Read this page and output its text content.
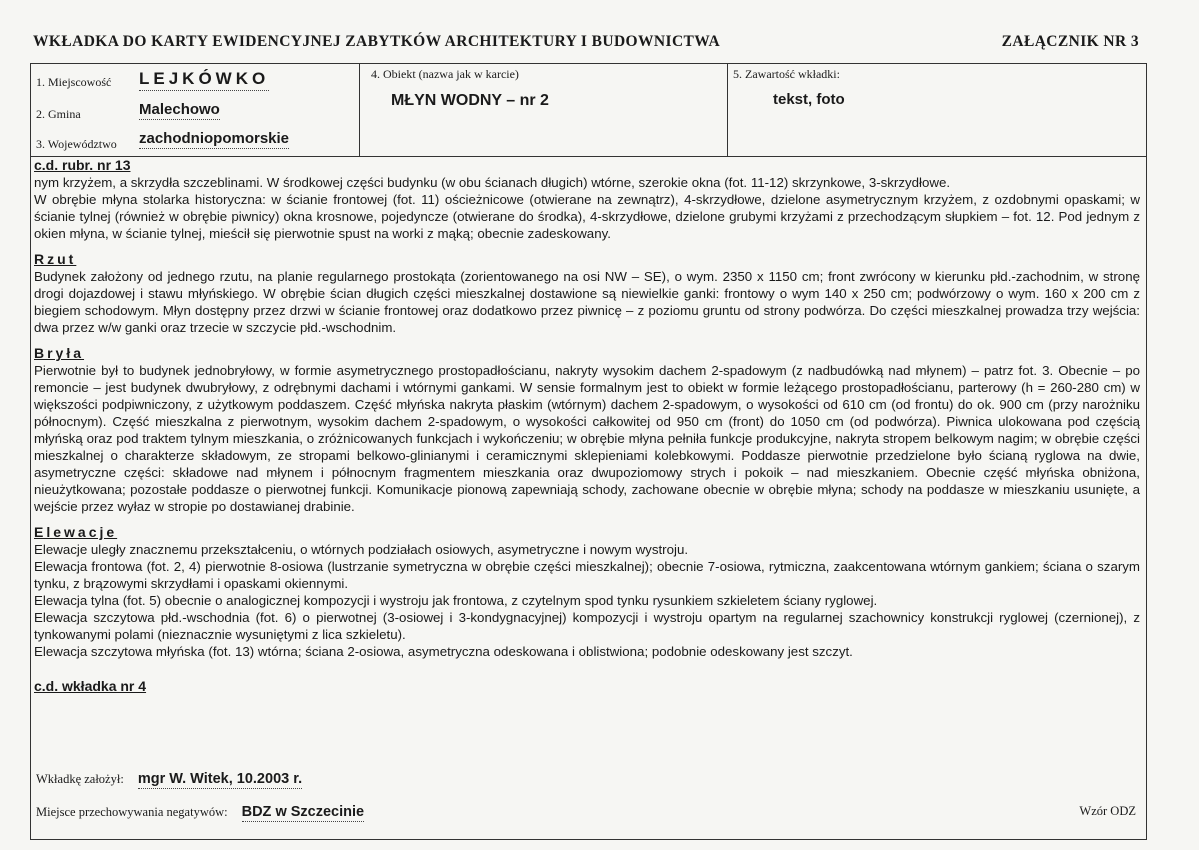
WKŁADKA DO KARTY EWIDENCYJNEJ ZABYTKÓW ARCHITEKTURY I BUDOWNICTWA	ZAŁĄCZNIK NR 3
1. Miejscowość LEJKÓWKO
2. Gmina	Malechowo
3. Województwo zachodniopomorskie
4. Obiekt (nazwa jak w karcie)
MŁYN WODNY – nr 2
5. Zawartość wkładki:
tekst, foto

c.d. rubr. nr 13

nym krzyżem, a skrzydła szczeblinami. W środkowej części budynku (w obu ścianach długich) wtórne, szerokie okna (fot. 11-12) skrzynkowe, 3-skrzydłowe.

W obrębie młyna stolarka historyczna: w ścianie frontowej (fot. 11) ościeżnicowe (otwierane na zewnątrz), 4-skrzydłowe, dzielone asymetrycznym krzyżem, z ozdobnymi opaskami; w ścianie tylnej (również w obrębie piwnicy) okna krosnowe, pojedyncze (otwierane do środka), 4-skrzydłowe, dzielone grubymi krzyżami z przechodzącym słupkiem – fot. 12. Pod jednym z okien młyna, w ścianie tylnej, mieścił się pierwotnie spust na worki z mąką; obecnie zadeskowany.

Rzut

Budynek założony od jednego rzutu, na planie regularnego prostokąta (zorientowanego na osi NW – SE), o wym. 2350 x 1150 cm; front zwrócony w kierunku płd.-zachodnim, w stronę drogi dojazdowej i stawu młyńskiego. W obrębie ścian długich części mieszkalnej dostawione są niewielkie ganki: frontowy o wym 140 x 250 cm; podwórzowy o wym. 160 x 200 cm z biegiem schodowym. Młyn dostępny przez drzwi w ścianie frontowej oraz dodatkowo przez piwnicę – z poziomu gruntu od strony podwórza. Do części mieszkalnej prowadza trzy wejścia: dwa przez w/w ganki oraz trzecie w szczycie płd.-wschodnim.

Bryła

Pierwotnie był to budynek jednobryłowy, w formie asymetrycznego prostopadłościanu, nakryty wysokim dachem 2-spadowym (z nadbudówką nad młynem) – patrz fot. 3. Obecnie – po remoncie – jest budynek dwubryłowy, z odrębnymi dachami i wtórnymi gankami. W sensie formalnym jest to obiekt w formie leżącego prostopadłościanu, parterowy (h = 260-280 cm) w większości podpiwniczony, z użytkowym poddaszem. Część młyńska nakryta płaskim (wtórnym) dachem 2-spadowym, o wysokości od 610 cm (od frontu) do ok. 900 cm (przy narożniku północnym). Część mieszkalna z pierwotnym, wysokim dachem 2-spadowym, o wysokości całkowitej od 950 cm (front) do 1050 cm (od podwórza). Piwnica ulokowana pod częścią młyńską oraz pod traktem tylnym mieszkania, o zróżnicowanych funkcjach i wykończeniu; w obrębie młyna pełniła funkcje produkcyjne, nakryta stropem belkowym nagim; w obrębie części mieszkalnej o charakterze składowym, ze stropami belkowo-glinianymi i ceramicznymi sklepieniami kolebkowymi. Poddasze pierwotnie przedzielone było ścianą ryglowa na dwie, asymetryczne części: składowe nad młynem i północnym fragmentem mieszkania oraz dwupoziomowy strych i pokoik – nad mieszkaniem. Obecnie część młyńska obniżona, nieużytkowana; pozostałe poddasze o pierwotnej funkcji. Komunikacje pionową zapewniają schody, zachowane obecnie w obrębie młyna; schody na poddasze w mieszkaniu usunięte, a wejście przez wyłaz w stropie po dostawianej drabinie.

Elewacje

Elewacje uległy znacznemu przekształceniu, o wtórnych podziałach osiowych, asymetryczne i nowym wystroju.

Elewacja frontowa (fot. 2, 4) pierwotnie 8-osiowa (lustrzanie symetryczna w obrębie części mieszkalnej); obecnie 7-osiowa, rytmiczna, zaakcentowana wtórnym gankiem; ściana o szarym tynku, z brązowymi skrzydłami i opaskami okiennymi.

Elewacja tylna (fot. 5) obecnie o analogicznej kompozycji i wystroju jak frontowa, z czytelnym spod tynku rysunkiem szkieletem ściany ryglowej.

Elewacja szczytowa płd.-wschodnia (fot. 6) o pierwotnej (3-osiowej i 3-kondygnacyjnej) kompozycji i wystroju opartym na regularnej szachownicy konstrukcji ryglowej (czernionej), z tynkowanymi polami (nieznacznie wysuniętymi z lica szkieletu).

Elewacja szczytowa młyńska (fot. 13) wtórna; ściana 2-osiowa, asymetryczna odeskowana i oblistwiona; podobnie odeskowany jest szczyt.

c.d. wkładka nr 4

Wkładkę założył: mgr W. Witek, 10.2003 r.
Miejsce przechowywania negatywów: BDZ w Szczecinie	Wzór ODZ
